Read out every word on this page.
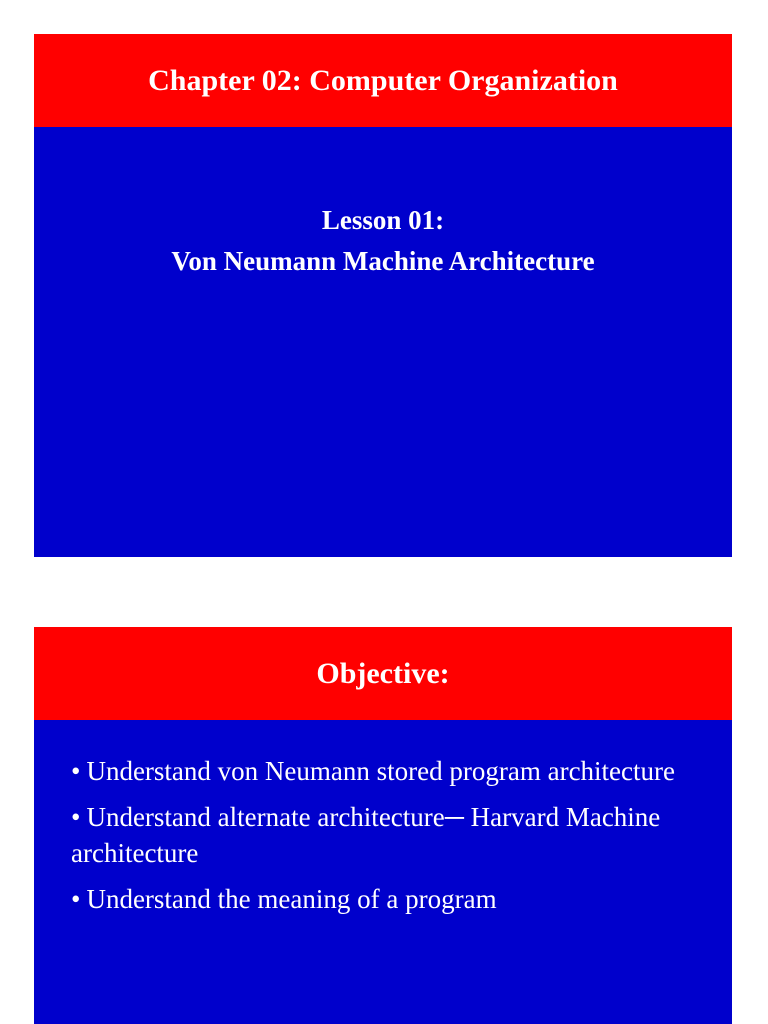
Chapter 02: Computer Organization
Lesson 01:
Von Neumann Machine Architecture
Objective:
• Understand von Neumann stored program architecture
• Understand alternate architecture─ Harvard Machine architecture
• Understand the meaning of a program
